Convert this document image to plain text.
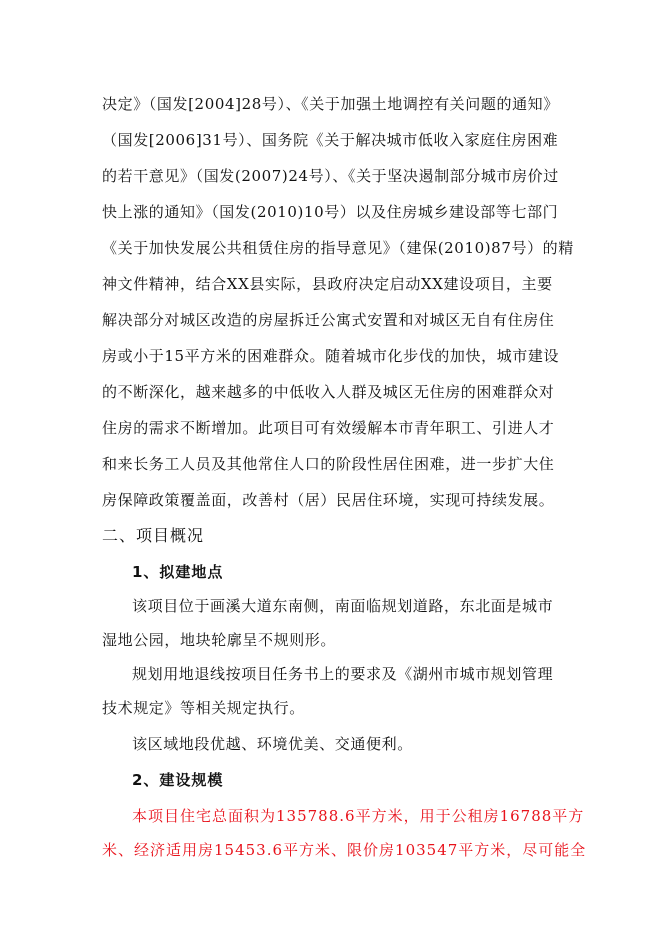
决定》（国发[2004]28号）、《关于加强土地调控有关问题的通知》
（国发[2006]31号）、国务院《关于解决城市低收入家庭住房困难
的若干意见》（国发(2007)24号）、《关于坚决遏制部分城市房价过
快上涨的通知》（国发(2010)10号）以及住房城乡建设部等七部门
《关于加快发展公共租赁住房的指导意见》（建保(2010)87号）的精
神文件精神，结合XX县实际，县政府决定启动XX建设项目，主要
解决部分对城区改造的房屋拆迁公寓式安置和对城区无自有住房住
房或小于15平方米的困难群众。随着城市化步伐的加快，城市建设
的不断深化，越来越多的中低收入人群及城区无住房的困难群众对
住房的需求不断增加。此项目可有效缓解本市青年职工、引进人才
和来长务工人员及其他常住人口的阶段性居住困难，进一步扩大住
房保障政策覆盖面，改善村（居）民居住环境，实现可持续发展。
二、项目概况
1、拟建地点
该项目位于画溪大道东南侧，南面临规划道路，东北面是城市
湿地公园，地块轮廓呈不规则形。
规划用地退线按项目任务书上的要求及《湖州市城市规划管理
技术规定》等相关规定执行。
该区域地段优越、环境优美、交通便利。
2、建设规模
本项目住宅总面积为135788.6平方米，用于公租房16788平方
米、经济适用房15453.6平方米、限价房103547平方米，尽可能全
